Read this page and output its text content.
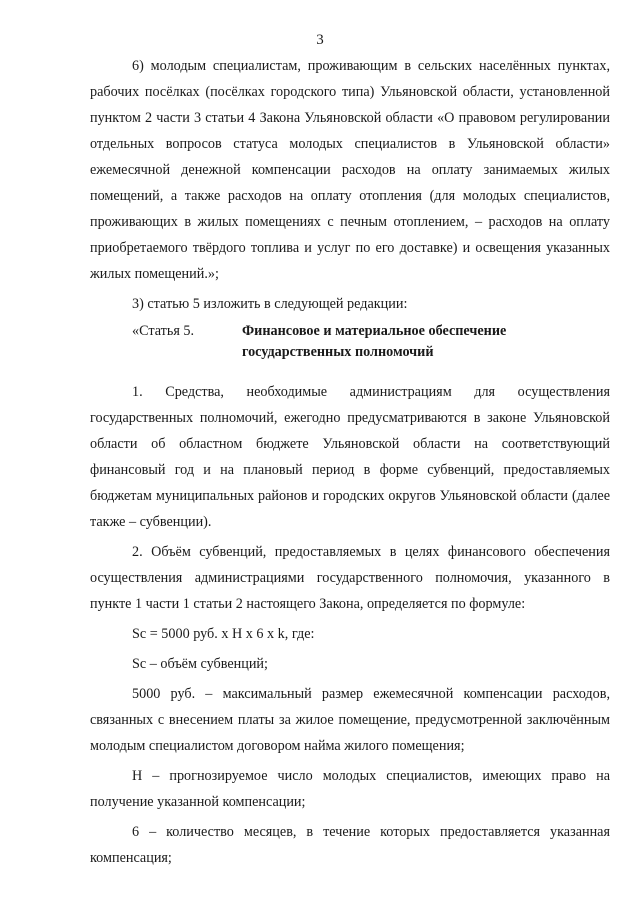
3

6) молодым специалистам, проживающим в сельских населённых пунктах, рабочих посёлках (посёлках городского типа) Ульяновской области, установленной пунктом 2 части 3 статьи 4 Закона Ульяновской области «О правовом регулировании отдельных вопросов статуса молодых специалистов в Ульяновской области» ежемесячной денежной компенсации расходов на оплату занимаемых жилых помещений, а также расходов на оплату отопления (для молодых специалистов, проживающих в жилых помещениях с печным отоплением, – расходов на оплату приобретаемого твёрдого топлива и услуг по его доставке) и освещения указанных жилых помещений.»;

3) статью 5 изложить в следующей редакции:

«Статья 5.	Финансовое и материальное обеспечение государственных полномочий

1. Средства, необходимые администрациям для осуществления государственных полномочий, ежегодно предусматриваются в законе Ульяновской области об областном бюджете Ульяновской области на соответствующий финансовый год и на плановый период в форме субвенций, предоставляемых бюджетам муниципальных районов и городских округов Ульяновской области (далее также – субвенции).

2. Объём субвенций, предоставляемых в целях финансового обеспечения осуществления администрациями государственного полномочия, указанного в пункте 1 части 1 статьи 2 настоящего Закона, определяется по формуле:

Sc = 5000 руб. x H x 6 x k, где:

Sc – объём субвенций;

5000 руб. – максимальный размер ежемесячной компенсации расходов, связанных с внесением платы за жилое помещение, предусмотренной заключённым молодым специалистом договором найма жилого помещения;

Н – прогнозируемое число молодых специалистов, имеющих право на получение указанной компенсации;

6 – количество месяцев, в течение которых предоставляется указанная компенсация;
